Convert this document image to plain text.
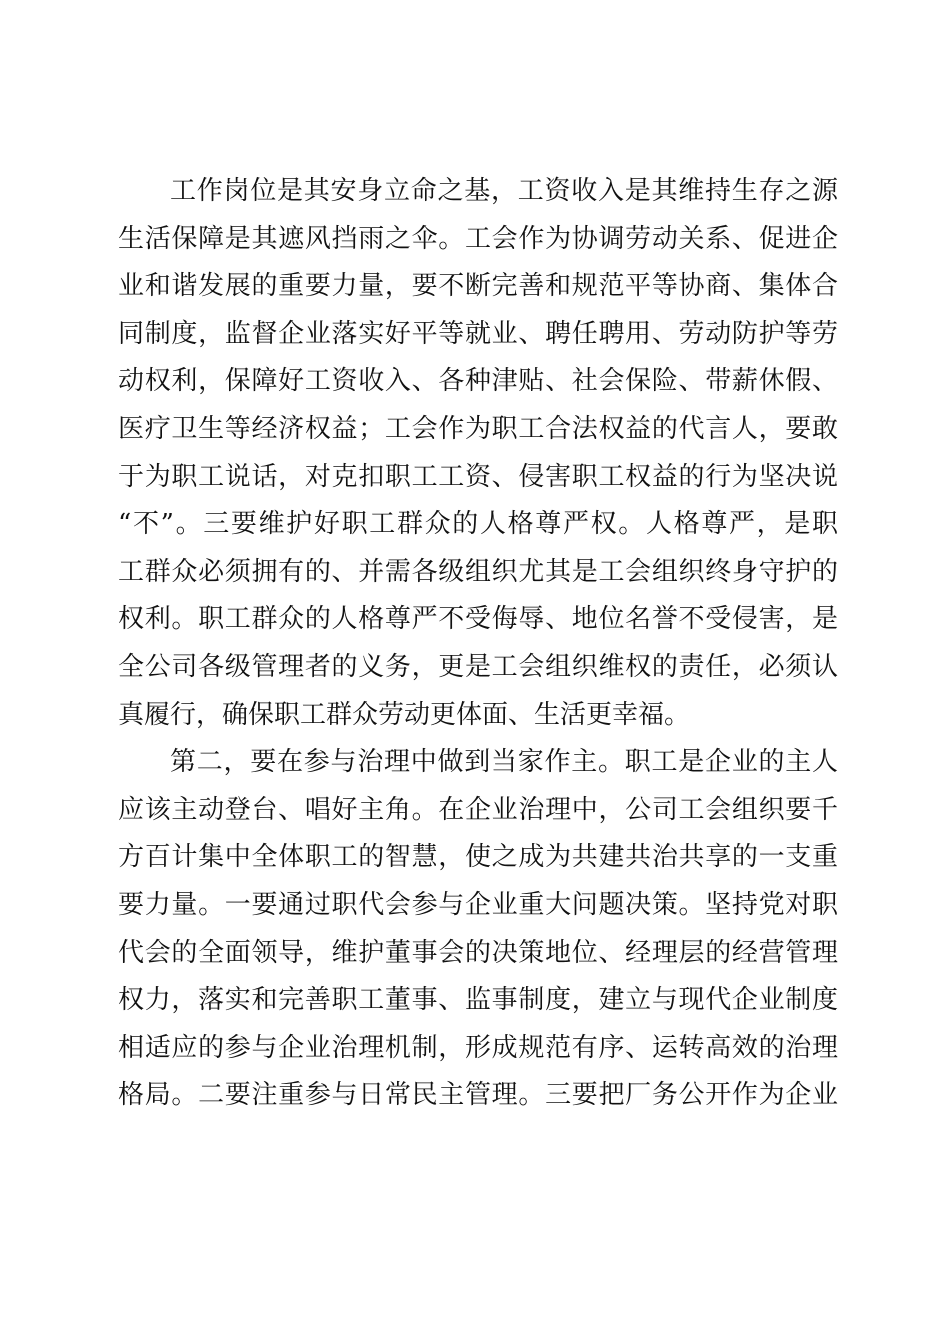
工作岗位是其安身立命之基，工资收入是其维持生存之源
生活保障是其遮风挡雨之伞。工会作为协调劳动关系、促进企
业和谐发展的重要力量，要不断完善和规范平等协商、集体合
同制度，监督企业落实好平等就业、聘任聘用、劳动防护等劳
动权利，保障好工资收入、各种津贴、社会保险、带薪休假、
医疗卫生等经济权益；工会作为职工合法权益的代言人，要敢
于为职工说话，对克扣职工工资、侵害职工权益的行为坚决说
“不”。三要维护好职工群众的人格尊严权。人格尊严，是职
工群众必须拥有的、并需各级组织尤其是工会组织终身守护的
权利。职工群众的人格尊严不受侮辱、地位名誉不受侵害，是
全公司各级管理者的义务，更是工会组织维权的责任，必须认
真履行，确保职工群众劳动更体面、生活更幸福。
第二，要在参与治理中做到当家作主。职工是企业的主人
应该主动登台、唱好主角。在企业治理中，公司工会组织要千
方百计集中全体职工的智慧，使之成为共建共治共享的一支重
要力量。一要通过职代会参与企业重大问题决策。坚持党对职
代会的全面领导，维护董事会的决策地位、经理层的经营管理
权力，落实和完善职工董事、监事制度，建立与现代企业制度
相适应的参与企业治理机制，形成规范有序、运转高效的治理
格局。二要注重参与日常民主管理。三要把厂务公开作为企业
